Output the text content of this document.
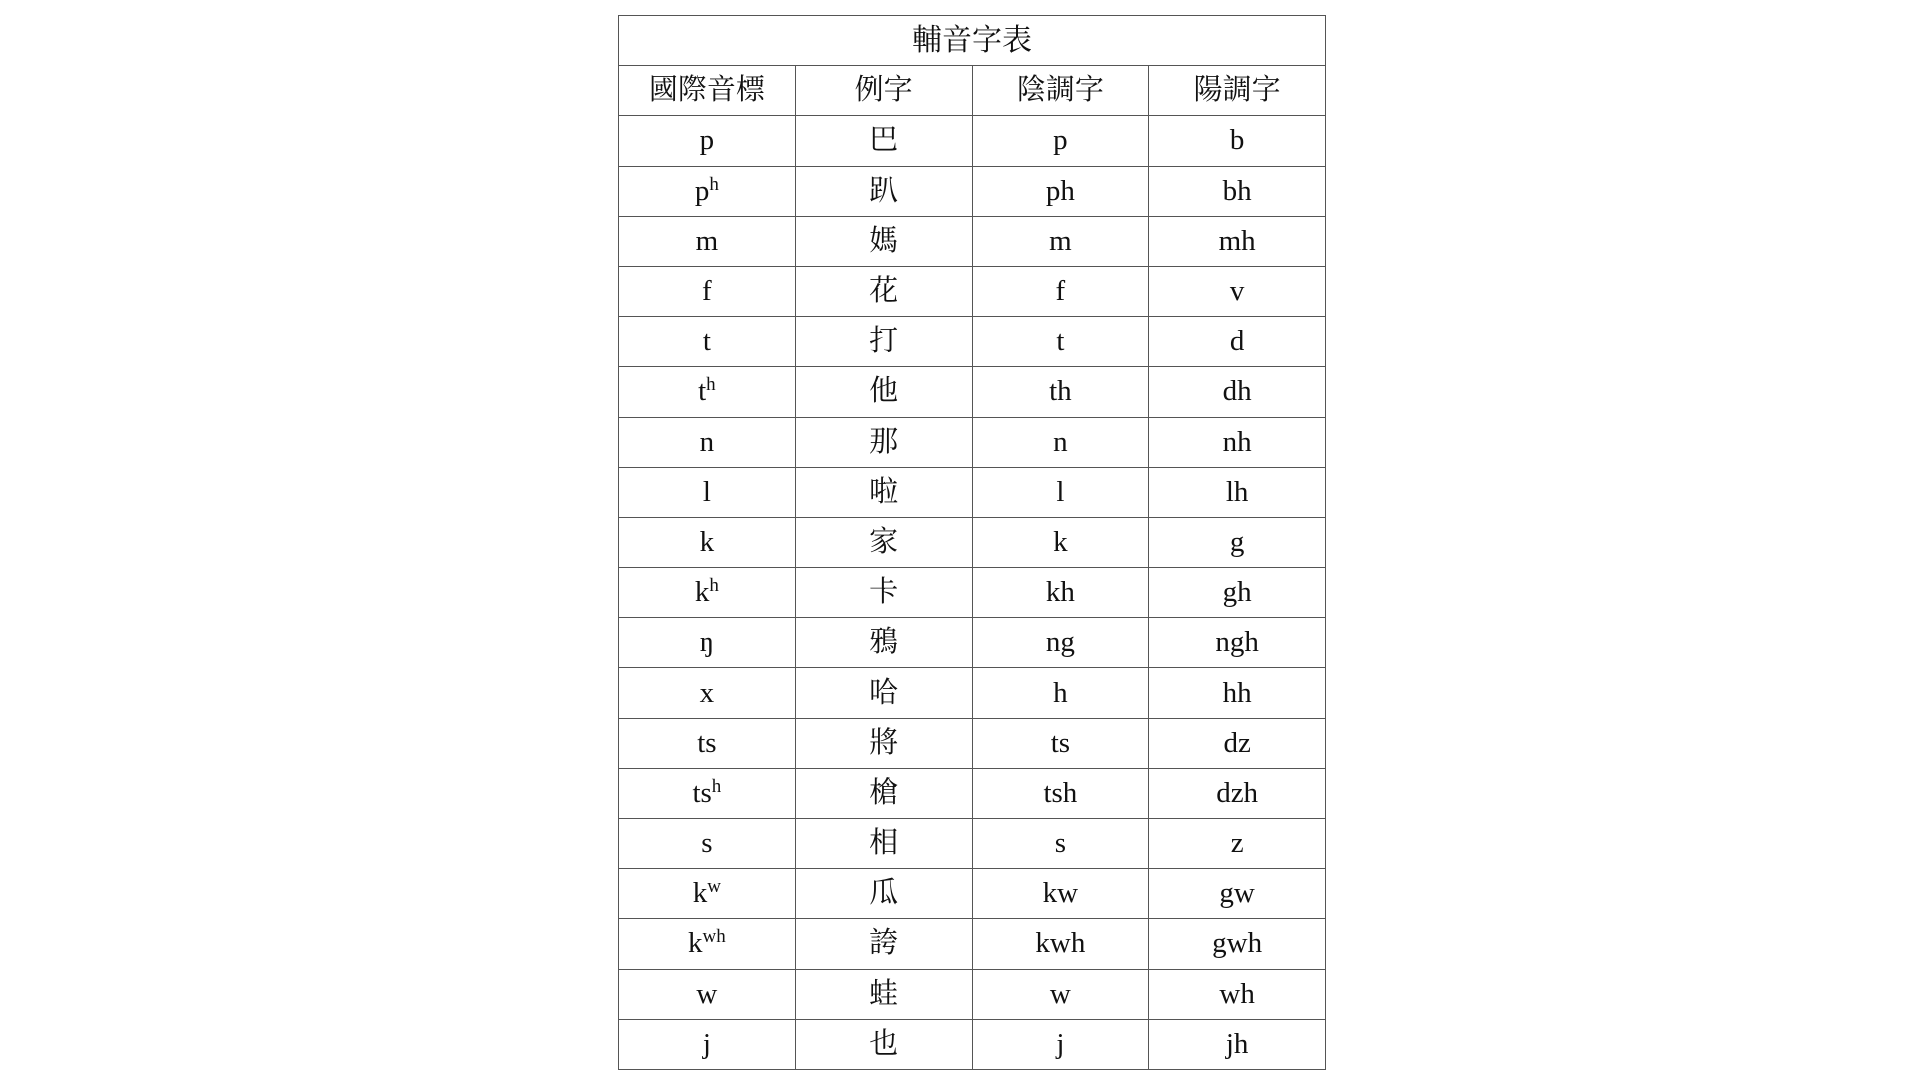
輔音字表			
國際音標	例字	陰調字	陽調字
p	巴	p	b
$p^h$	趴	ph	bh
m	媽	m	mh
f	花	f	v
t	打	t	d
$t^h$	他	th	dh
n	那	n	nh
l	啦	l	lh
k	家	k	g
$k^h$	卡	kh	gh
ŋ	鴉	ng	ngh
x	哈	h	hh
ts	將	ts	dz
$ts^h$	槍	tsh	dzh
s	相	s	z
$k^w$	瓜	kw	gw
$k^{wh}$	誇	kwh	gwh
w	蛙	w	wh
j	也	j	jh
